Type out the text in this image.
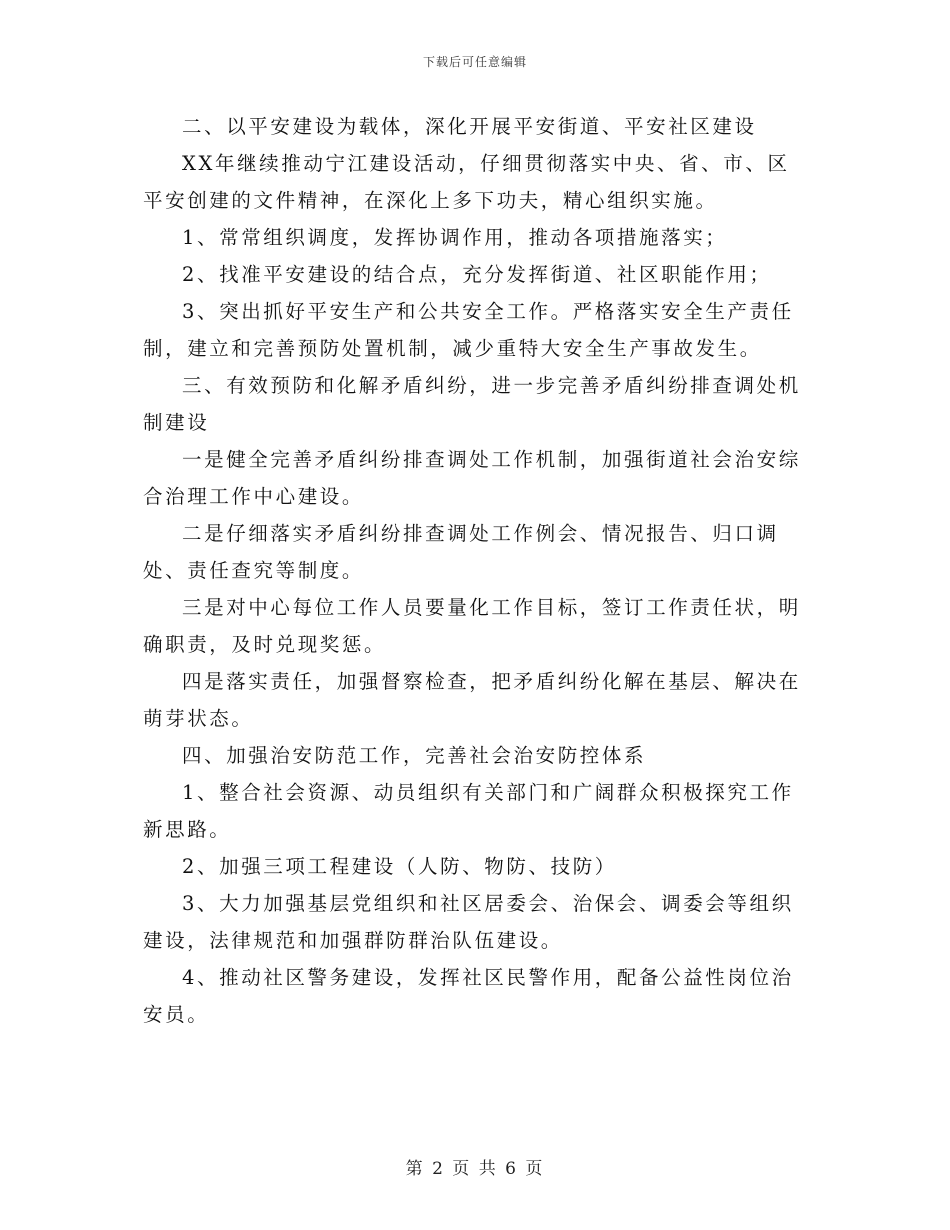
下载后可任意编辑

二、以平安建设为载体，深化开展平安街道、平安社区建设

XX年继续推动宁江建设活动，仔细贯彻落实中央、省、市、区平安创建的文件精神，在深化上多下功夫，精心组织实施。

1、常常组织调度，发挥协调作用，推动各项措施落实；

2、找准平安建设的结合点，充分发挥街道、社区职能作用；

3、突出抓好平安生产和公共安全工作。严格落实安全生产责任制，建立和完善预防处置机制，减少重特大安全生产事故发生。

三、有效预防和化解矛盾纠纷，进一步完善矛盾纠纷排查调处机制建设

一是健全完善矛盾纠纷排查调处工作机制，加强街道社会治安综合治理工作中心建设。

二是仔细落实矛盾纠纷排查调处工作例会、情况报告、归口调处、责任查究等制度。

三是对中心每位工作人员要量化工作目标，签订工作责任状，明确职责，及时兑现奖惩。

四是落实责任，加强督察检查，把矛盾纠纷化解在基层、解决在萌芽状态。

四、加强治安防范工作，完善社会治安防控体系

1、整合社会资源、动员组织有关部门和广阔群众积极探究工作新思路。

2、加强三项工程建设（人防、物防、技防）

3、大力加强基层党组织和社区居委会、治保会、调委会等组织建设，法律规范和加强群防群治队伍建设。

4、推动社区警务建设，发挥社区民警作用，配备公益性岗位治安员。

第 2 页 共 6 页
